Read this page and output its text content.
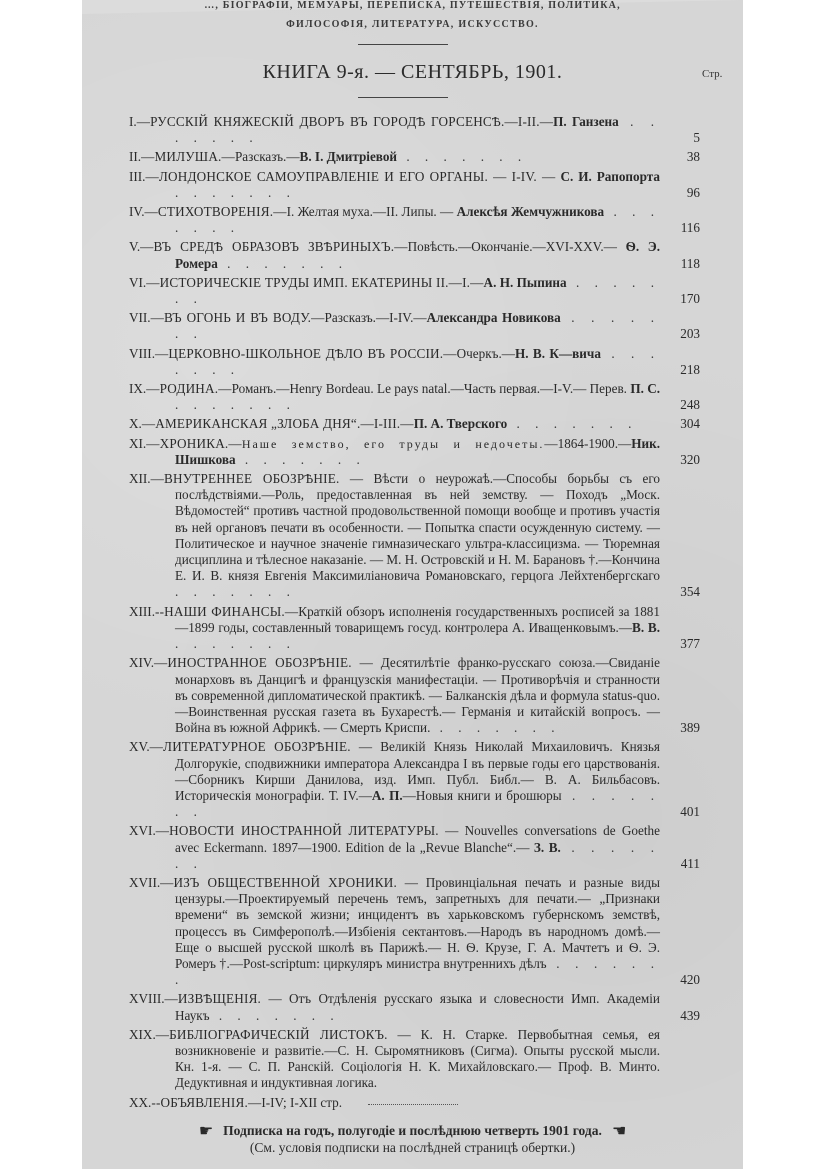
…, БІОГРАФІИ, МЕМУАРЫ, ПЕРЕПИСКА, ПУТЕШЕСТВІЯ, ПОЛИТИКА,
ФИЛОСОФІЯ, ЛИТЕРАТУРА, ИСКУССТВО.
КНИГА 9-я. — СЕНТЯБРЬ, 1901.	Стр.
I.—РУССКІЙ КНЯЖЕСКІЙ ДВОРЪ ВЪ ГОРОДѢ ГОРСЕНСѢ.—I-II.—П. Ганзена . . . . . . .	5
II.—МИЛУША.—Разсказъ.—В. I. Дмитріевой . . . . . . .	38
III.—ЛОНДОНСКОЕ САМОУПРАВЛЕНІЕ И ЕГО ОРГАНЫ. — I-IV. — С. И. Рапопорта . . . . . . .	96
IV.—СТИХОТВОРЕНІЯ.—I. Желтая муха.—II. Липы. — Алексѣя Жемчужникова . . . . . . .	116
V.—ВЪ СРЕДѢ ОБРАЗОВЪ ЗВѢРИНЫХЪ.—Повѣсть.—Окончаніе.—XVI-XXV.— Ѳ. Э. Ромера . . . . . . .	118
VI.—ИСТОРИЧЕСКІЕ ТРУДЫ ИМП. ЕКАТЕРИНЫ II.—I.—А. Н. Пыпина . . . . . . .	170
VII.—ВЪ ОГОНЬ И ВЪ ВОДУ.—Разсказъ.—I-IV.—Александра Новикова . . . . . . .	203
VIII.—ЦЕРКОВНО-ШКОЛЬНОЕ ДѢЛО ВЪ РОССІИ.—Очеркъ.—Н. В. К—вича . . . . . . .	218
IX.—РОДИНА.—Романъ.—Henry Bordeau. Le pays natal.—Часть первая.—I-V.— Перев. П. С. . . . . . . .	248
X.—АМЕРИКАНСКАЯ „ЗЛОБА ДНЯ“.—I-III.—П. А. Тверского . . . . . . .	304
XI.—ХРОНИКА.—Наше земство, его труды и недочеты.—1864-1900.—Ник. Шишкова . . . . . . .	320
XII.—ВНУТРЕННЕЕ ОБОЗРѢНІЕ. — Вѣсти о неурожаѣ.—Способы борьбы съ его послѣдствіями.—Роль, предоставленная въ ней земству. — Походъ „Моск. Вѣдомостей“ противъ частной продовольственной помощи вообще и противъ участія въ ней органовъ печати въ особенности. — Попытка спасти осужденную систему. — Политическое и научное значеніе гимназическаго ультра-классицизма. — Тюремная дисциплина и тѣлесное наказаніе. — М. Н. Островскій и Н. М. Барановъ †.—Кончина Е. И. В. князя Евгенія Максимиліановича Романовскаго, герцога Лейхтенбергскаго . . . . . . .	354
XIII.--НАШИ ФИНАНСЫ.—Краткій обзоръ исполненія государственныхъ росписей за 1881—1899 годы, составленный товарищемъ госуд. контролера А. Иващенковымъ.—В. В. . . . . . . .	377
XIV.—ИНОСТРАННОЕ ОБОЗРѢНІЕ. — Десятилѣтіе франко-русскаго союза.—Свиданіе монарховъ въ Данцигѣ и французскія манифестаціи. — Противорѣчія и странности въ современной дипломатической практикѣ. — Балканскія дѣла и формула status-quo.—Воинственная русская газета въ Бухарестѣ.— Германія и китайскій вопросъ. — Война въ южной Африкѣ. — Смерть Криспи. . . . . . . .	389
XV.—ЛИТЕРАТУРНОЕ ОБОЗРѢНІЕ. — Великій Князь Николай Михаиловичъ. Князья Долгорукіе, сподвижники императора Александра I въ первые годы его царствованія.—Сборникъ Кирши Данилова, изд. Имп. Публ. Библ.— В. А. Бильбасовъ. Историческія монографіи. Т. IV.—А. П.—Новыя книги и брошюры . . . . . . .	401
XVI.—НОВОСТИ ИНОСТРАННОЙ ЛИТЕРАТУРЫ. — Nouvelles conversations de Goethe avec Eckermann. 1897—1900. Edition de la „Revue Blanche“.— З. В. . . . . . . .	411
XVII.—ИЗЪ ОБЩЕСТВЕННОЙ ХРОНИКИ. — Провинціальная печать и разные виды цензуры.—Проектируемый перечень темъ, запретныхъ для печати.— „Признаки времени“ въ земской жизни; инцидентъ въ харьковскомъ губернскомъ земствѣ, процессъ въ Симферополѣ.—Избіенія сектантовъ.—Народъ въ народномъ домѣ.—Еще о высшей русской школѣ въ Парижѣ.— Н. Ѳ. Крузе, Г. А. Мачтетъ и Ѳ. Э. Ромеръ †.—Post-scriptum: циркуляръ министра внутреннихъ дѣлъ . . . . . . .	420
XVIII.—ИЗВѢЩЕНІЯ. — Отъ Отдѣленія русскаго языка и словесности Имп. Академіи Наукъ . . . . . . .	439
XIX.—БИБЛІОГРАФИЧЕСКІЙ ЛИСТОКЪ. — К. Н. Старке. Первобытная семья, ея возникновеніе и развитіе.—С. Н. Сыромятниковъ (Сигма). Опыты русской мысли. Кн. 1-я. — С. П. Ранскій. Соціологія Н. К. Михайловскаго.— Проф. В. Минто. Дедуктивная и индуктивная логика.
XX.--ОБЪЯВЛЕНІЯ.—I-IV; I-XII стр.
☛ Подписка на годъ, полугодіе и послѣднюю четверть 1901 года. ☛
(См. условія подписки на послѣдней страницѣ обертки.)
